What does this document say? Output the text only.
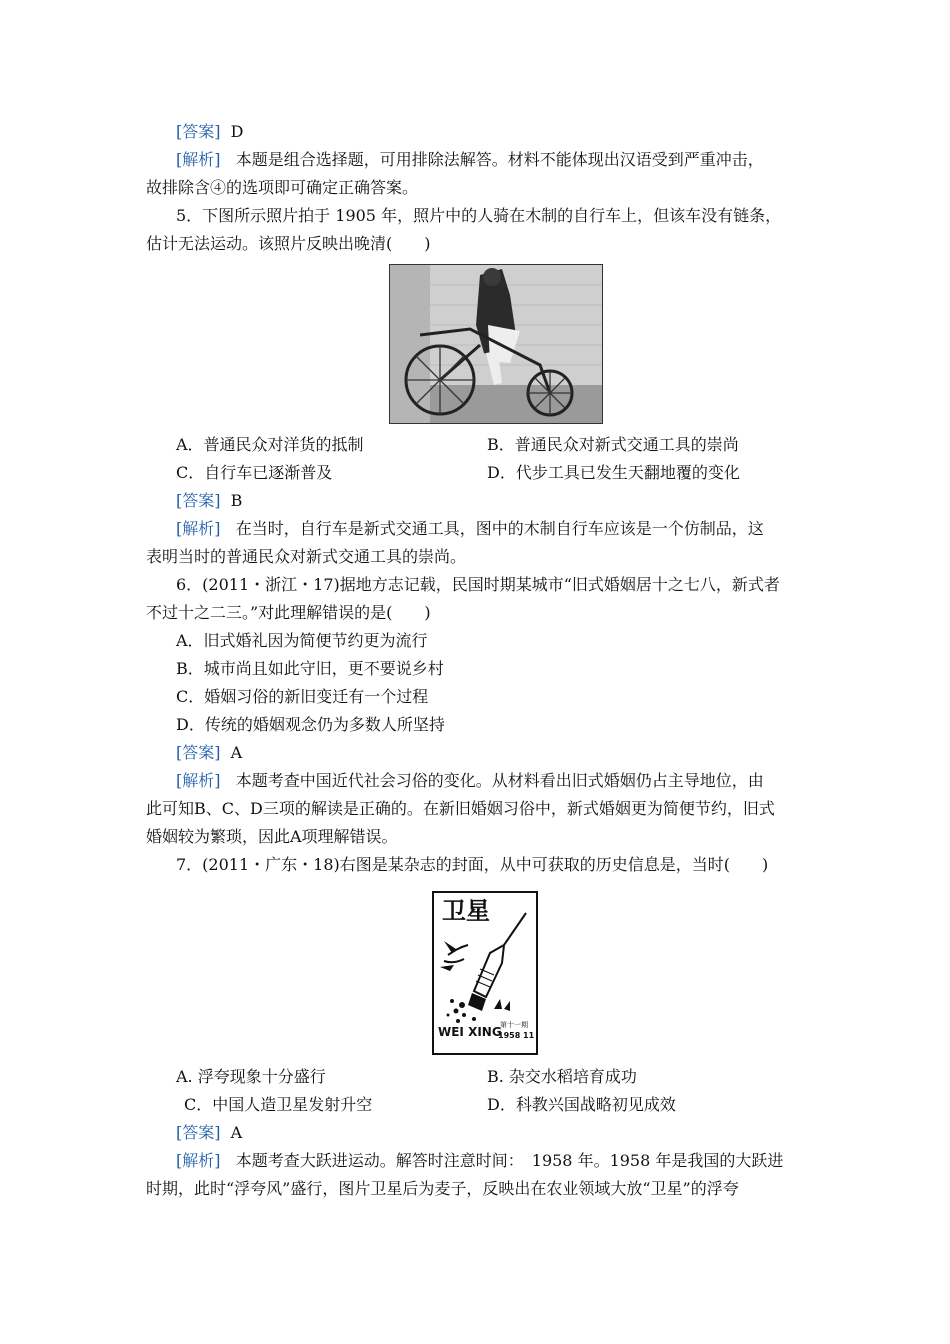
[答案] D
[解析] 本题是组合选择题，可用排除法解答。材料不能体现出汉语受到严重冲击，
故排除含④的选项即可确定正确答案。
5．下图所示照片拍于 1905 年，照片中的人骑在木制的自行车上，但该车没有链条，
估计无法运动。该照片反映出晚清(　　)
A．普通民众对洋货的抵制	B．普通民众对新式交通工具的崇尚
C．自行车已逐渐普及	D．代步工具已发生天翻地覆的变化
[答案] B
[解析] 在当时，自行车是新式交通工具，图中的木制自行车应该是一个仿制品，这
表明当时的普通民众对新式交通工具的崇尚。
6．(2011・浙江・17)据地方志记载，民国时期某城市“旧式婚姻居十之七八，新式者
不过十之二三。”对此理解错误的是(　　)
A．旧式婚礼因为简便节约更为流行
B．城市尚且如此守旧，更不要说乡村
C．婚姻习俗的新旧变迁有一个过程
D．传统的婚姻观念仍为多数人所坚持
[答案] A
[解析] 本题考查中国近代社会习俗的变化。从材料看出旧式婚姻仍占主导地位，由
此可知B、C、D三项的解读是正确的。在新旧婚姻习俗中，新式婚姻更为简便节约，旧式
婚姻较为繁琐，因此A项理解错误。
7．(2011・广东・18)右图是某杂志的封面，从中可获取的历史信息是，当时(　　)
卫星
WEI XING
第十一期
1958 11
A. 浮夸现象十分盛行	B. 杂交水稻培育成功
C．中国人造卫星发射升空	D．科教兴国战略初见成效
[答案] A
[解析] 本题考查大跃进运动。解答时注意时间：　1958 年。1958 年是我国的大跃进
时期，此时“浮夸风”盛行，图片卫星后为麦子，反映出在农业领域大放“卫星”的浮夸
